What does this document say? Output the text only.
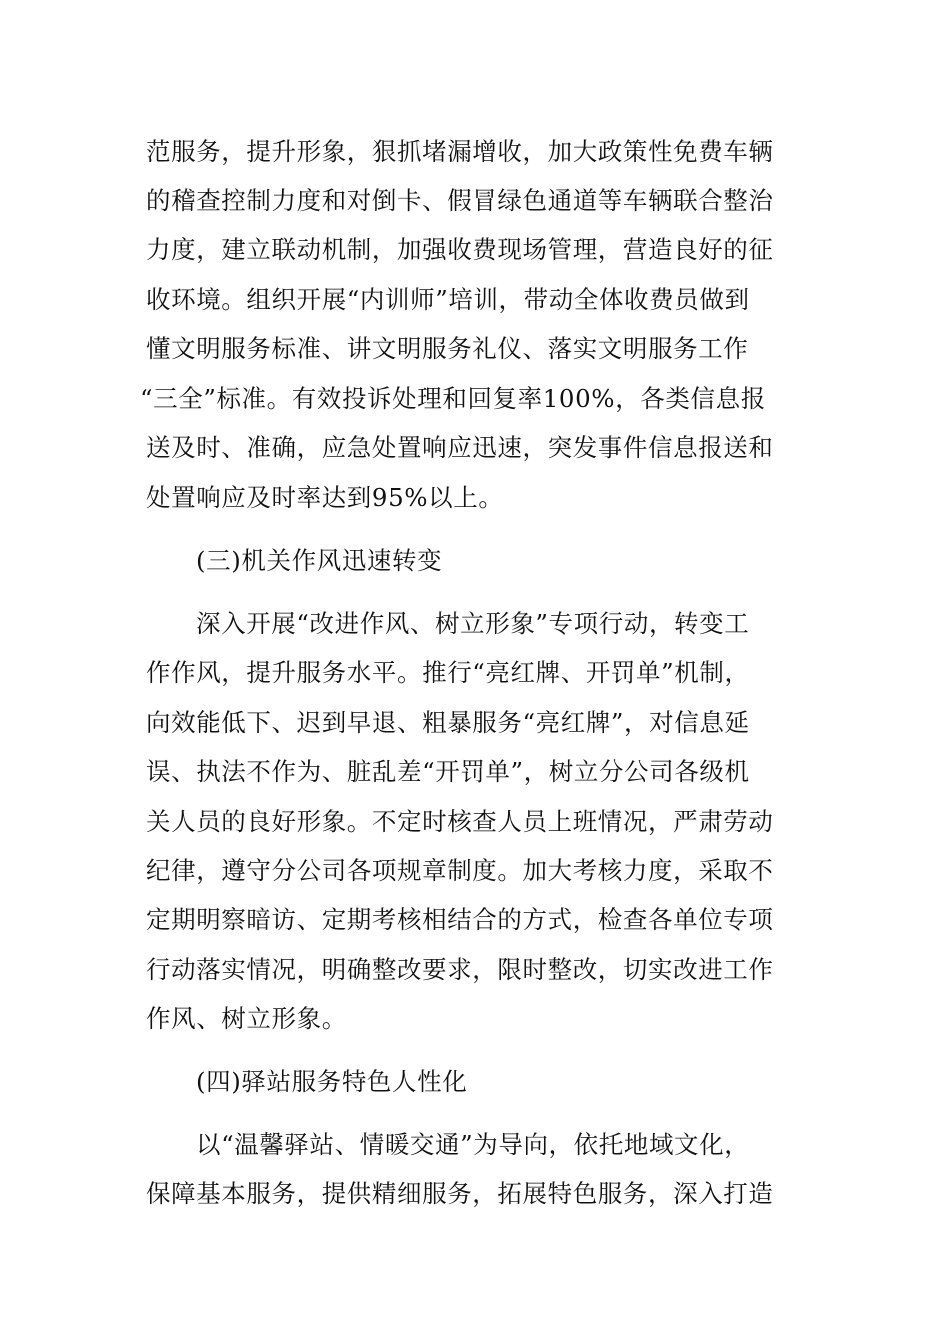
范服务，提升形象，狠抓堵漏增收，加大政策性免费车辆
的稽查控制力度和对倒卡、假冒绿色通道等车辆联合整治
力度，建立联动机制，加强收费现场管理，营造良好的征
收环境。组织开展“内训师”培训，带动全体收费员做到
懂文明服务标准、讲文明服务礼仪、落实文明服务工作
“三全”标准。有效投诉处理和回复率100%，各类信息报
送及时、准确，应急处置响应迅速，突发事件信息报送和
处置响应及时率达到95%以上。
(三)机关作风迅速转变
深入开展“改进作风、树立形象”专项行动，转变工
作作风，提升服务水平。推行“亮红牌、开罚单”机制，
向效能低下、迟到早退、粗暴服务“亮红牌”，对信息延
误、执法不作为、脏乱差“开罚单”，树立分公司各级机
关人员的良好形象。不定时核查人员上班情况，严肃劳动
纪律，遵守分公司各项规章制度。加大考核力度，采取不
定期明察暗访、定期考核相结合的方式，检查各单位专项
行动落实情况，明确整改要求，限时整改，切实改进工作
作风、树立形象。
(四)驿站服务特色人性化
以“温馨驿站、情暖交通”为导向，依托地域文化，
保障基本服务，提供精细服务，拓展特色服务，深入打造
